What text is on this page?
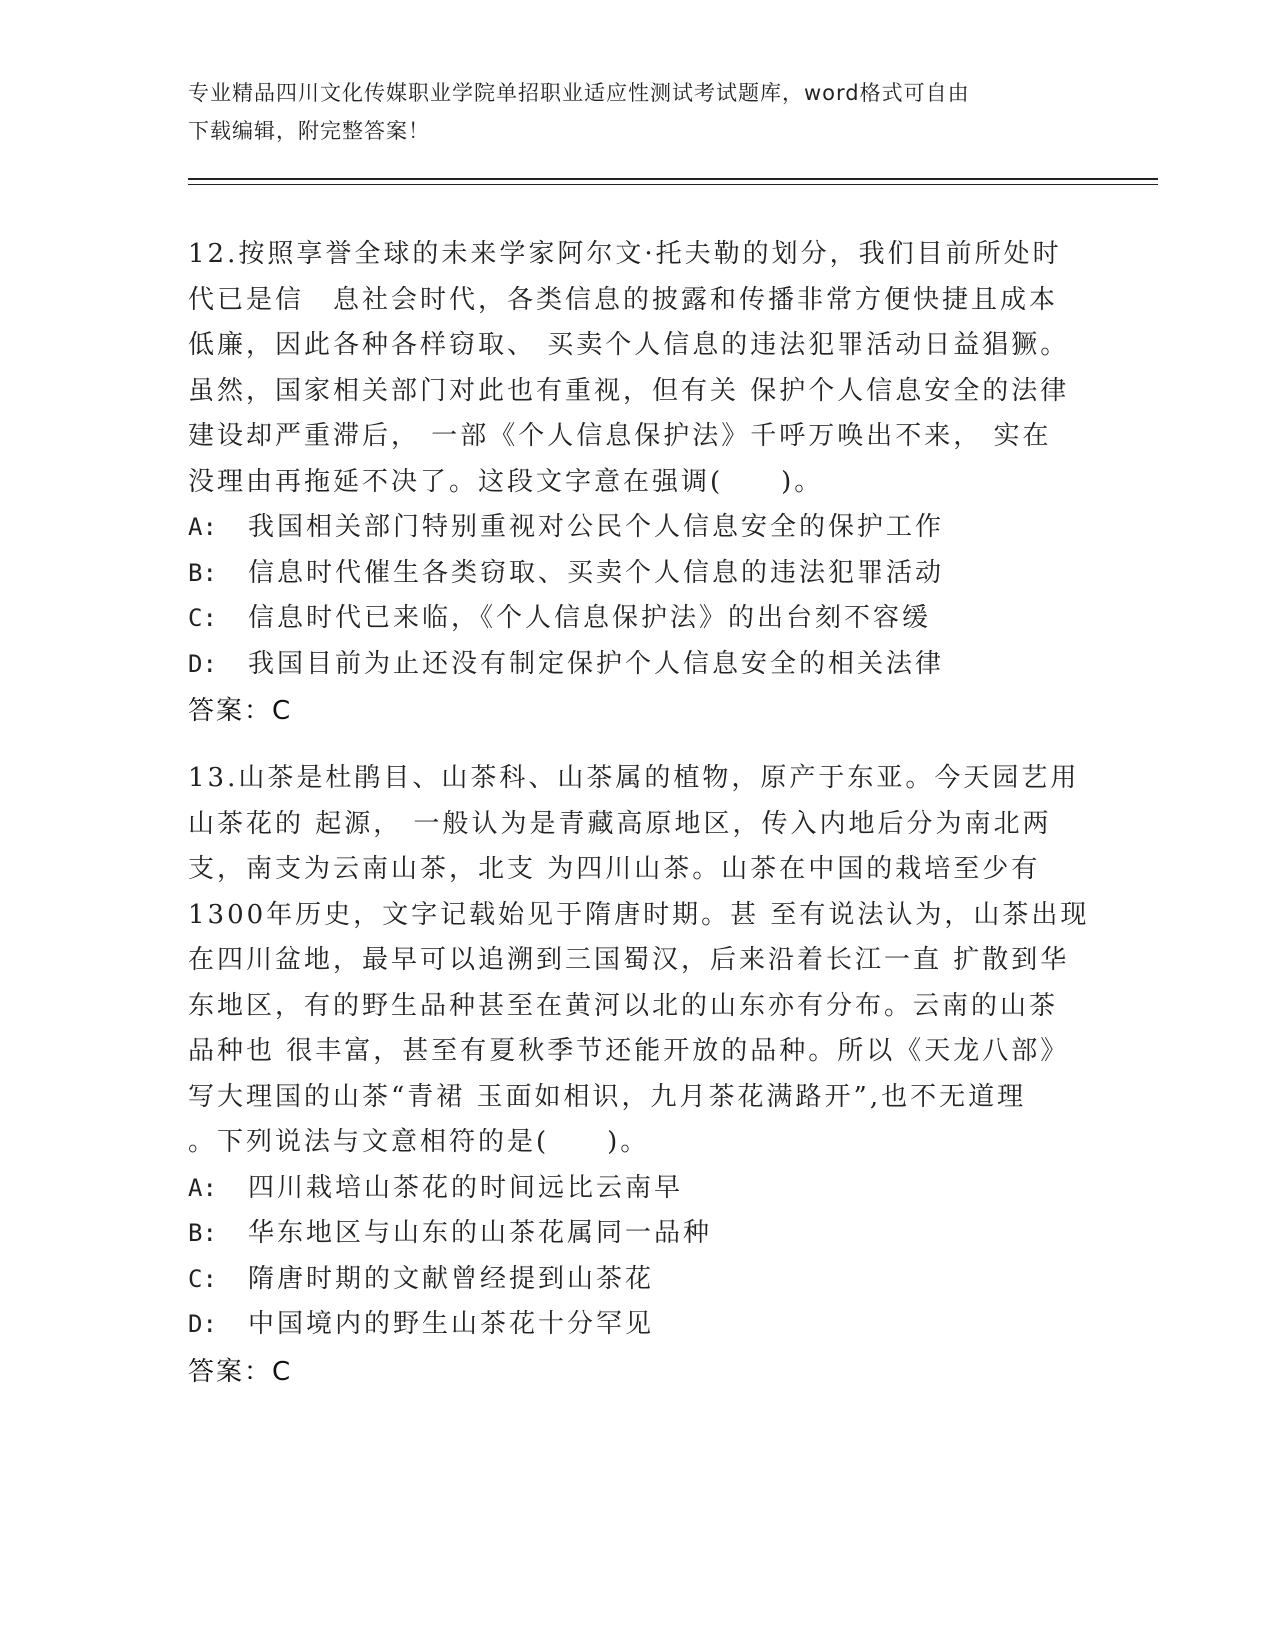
专业精品四川文化传媒职业学院单招职业适应性测试考试题库，word格式可自由
下载编辑，附完整答案！

12.按照享誉全球的未来学家阿尔文·托夫勒的划分，我们目前所处时
代已是信　息社会时代，各类信息的披露和传播非常方便快捷且成本
低廉，因此各种各样窃取、 买卖个人信息的违法犯罪活动日益猖獗。
虽然，国家相关部门对此也有重视，但有关 保护个人信息安全的法律
建设却严重滞后， 一部《个人信息保护法》千呼万唤出不来， 实在
没理由再拖延不决了。这段文字意在强调(　　)。

A:	我国相关部门特别重视对公民个人信息安全的保护工作
B:	信息时代催生各类窃取、买卖个人信息的违法犯罪活动
C:	信息时代已来临，《个人信息保护法》的出台刻不容缓
D:	我国目前为止还没有制定保护个人信息安全的相关法律
答案：C

13.山茶是杜鹃目、山茶科、山茶属的植物，原产于东亚。今天园艺用
山茶花的 起源， 一般认为是青藏高原地区，传入内地后分为南北两
支，南支为云南山茶，北支 为四川山茶。山茶在中国的栽培至少有
1300年历史，文字记载始见于隋唐时期。甚 至有说法认为，山茶出现
在四川盆地，最早可以追溯到三国蜀汉，后来沿着长江一直 扩散到华
东地区，有的野生品种甚至在黄河以北的山东亦有分布。云南的山茶
品种也 很丰富，甚至有夏秋季节还能开放的品种。所以《天龙八部》
写大理国的山茶“青裙 玉面如相识，九月茶花满路开”,也不无道理
。下列说法与文意相符的是(　　)。

A:	四川栽培山茶花的时间远比云南早
B:	华东地区与山东的山茶花属同一品种
C:	隋唐时期的文献曾经提到山茶花
D:	中国境内的野生山茶花十分罕见
答案：C
